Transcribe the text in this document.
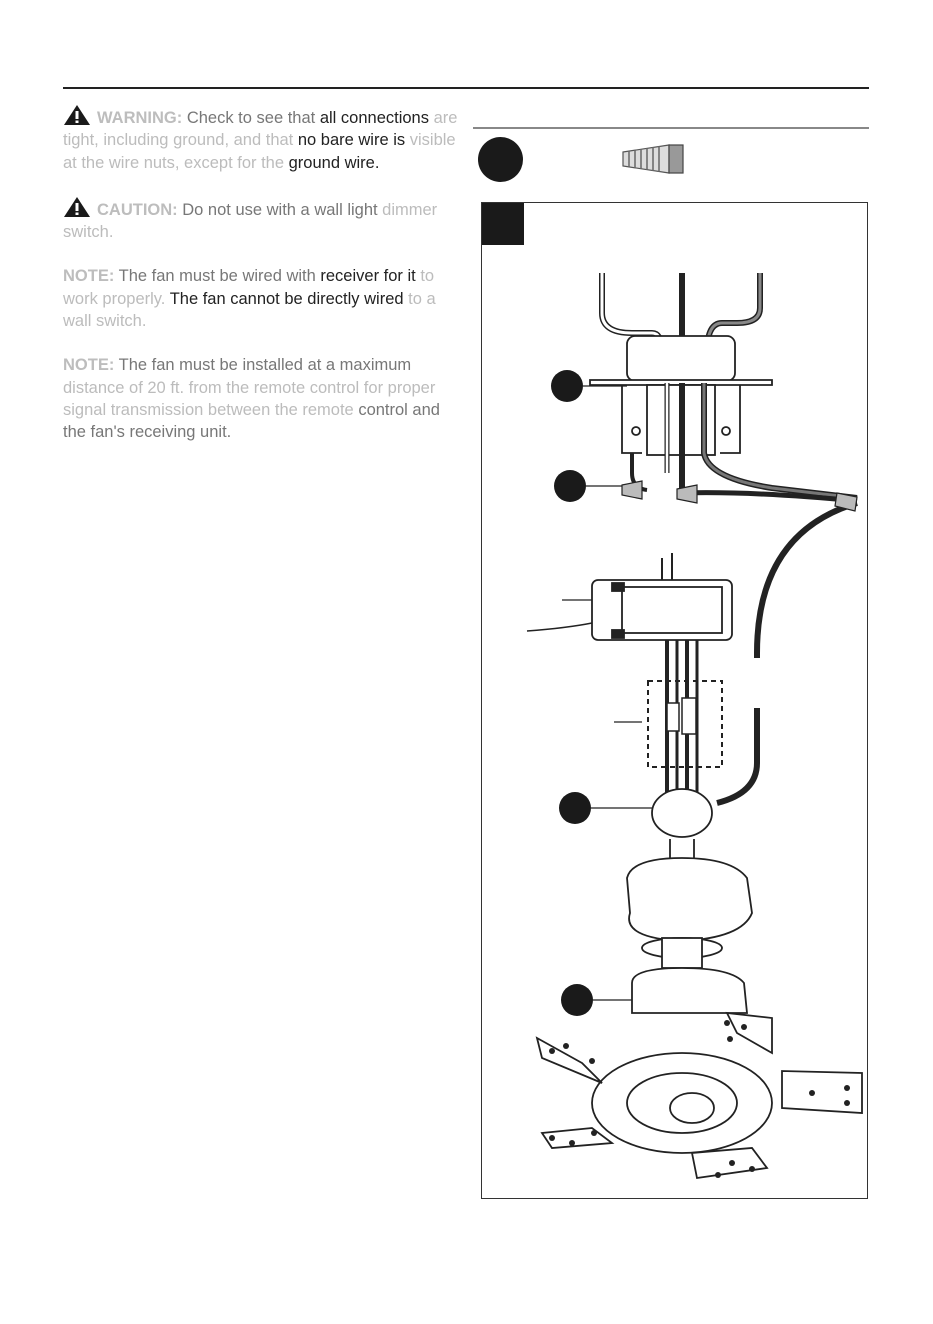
WARNING: Check to see that all connections are tight, including ground, and that no bare wire is visible at the wire nuts, except for the ground wire.

CAUTION: Do not use with a wall light dimmer switch.

NOTE: The fan must be wired with receiver for it to work properly. The fan cannot be directly wired to a wall switch.

NOTE: The fan must be installed at a maximum distance of 20 ft. from the remote control for proper signal transmission between the remote control and the fan's receiving unit.
